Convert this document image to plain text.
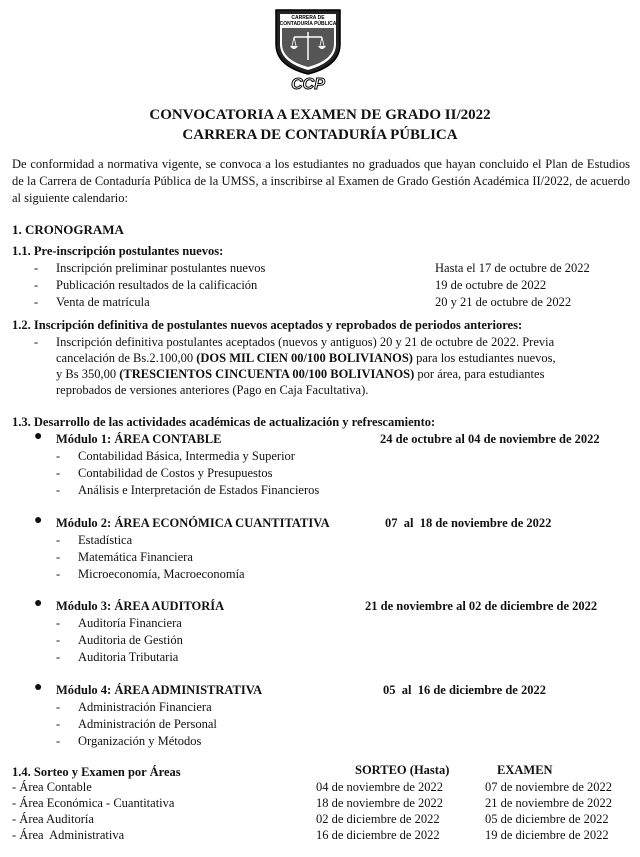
CARRERA DE
CONTADURÍA PÚBLICA
CCP
CONVOCATORIA A EXAMEN DE GRADO II/2022
CARRERA DE CONTADURÍA PÚBLICA
De conformidad a normativa vigente, se convoca a los estudiantes no graduados que hayan concluido el Plan de Estudios de la Carrera de Contaduría Pública de la UMSS, a inscribirse al Examen de Grado Gestión Académica II/2022, de acuerdo al siguiente calendario:
1. CRONOGRAMA
1.1. Pre-inscripción postulantes nuevos:
- Inscripción preliminar postulantes nuevos	Hasta el 17 de octubre de 2022
- Publicación resultados de la calificación	19 de octubre de 2022
- Venta de matrícula	20 y 21 de octubre de 2022
1.2. Inscripción definitiva de postulantes nuevos aceptados y reprobados de periodos anteriores:
- Inscripción definitiva postulantes aceptados (nuevos y antiguos) 20 y 21 de octubre de 2022. Previa
cancelación de Bs.2.100,00 (DOS MIL CIEN 00/100 BOLIVIANOS) para los estudiantes nuevos,
y Bs 350,00 (TRESCIENTOS CINCUENTA 00/100 BOLIVIANOS) por área, para estudiantes
reprobados de versiones anteriores (Pago en Caja Facultativa).
1.3. Desarrollo de las actividades académicas de actualización y refrescamiento:
● Módulo 1: ÁREA CONTABLE	24 de octubre al 04 de noviembre de 2022
- Contabilidad Básica, Intermedia y Superior
- Contabilidad de Costos y Presupuestos
- Análisis e Interpretación de Estados Financieros
● Módulo 2: ÁREA ECONÓMICA CUANTITATIVA	07  al  18 de noviembre de 2022
- Estadística
- Matemática Financiera
- Microeconomía, Macroeconomía
● Módulo 3: ÁREA AUDITORÍA	21 de noviembre al 02 de diciembre de 2022
- Auditoría Financiera
- Auditoria de Gestión
- Auditoria Tributaria
● Módulo 4: ÁREA ADMINISTRATIVA	05  al  16 de diciembre de 2022
- Administración Financiera
- Administración de Personal
- Organización y Métodos
1.4. Sorteo y Examen por Áreas	SORTEO (Hasta)	EXAMEN
- Área Contable	04 de noviembre de 2022	07 de noviembre de 2022
- Área Económica - Cuantitativa	18 de noviembre de 2022	21 de noviembre de 2022
- Área Auditoría	02 de diciembre de 2022	05 de diciembre de 2022
- Área  Administrativa	16 de diciembre de 2022	19 de diciembre de 2022
